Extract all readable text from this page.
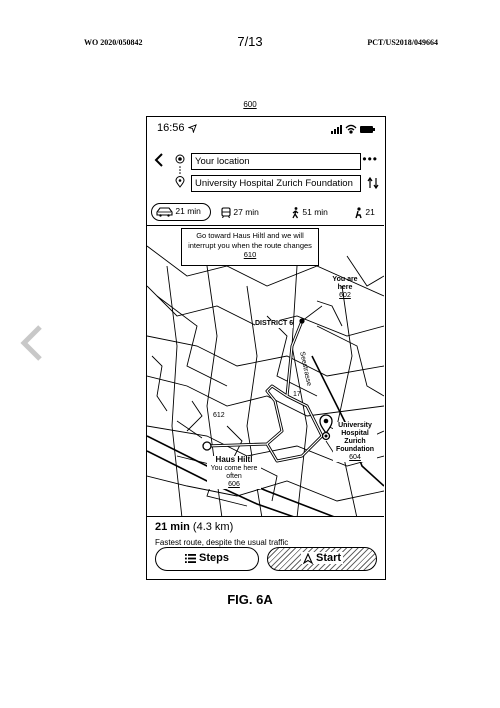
WO 2020/050842	7/13	PCT/US2018/049664
600
16:56
Your location
University Hospital Zurich Foundation
•••
21 min	27 min	51 min	21
Go toward Haus Hiltl and we will interrupt you when the route changes 610
You are here
602
DISTRICT 6
Seestrasse
612
17
University Hospital Zurich Foundation
604
Haus Hiltl
You come here often
606
21 min (4.3 km)
Fastest route, despite the usual traffic
Steps	Start
FIG. 6A
